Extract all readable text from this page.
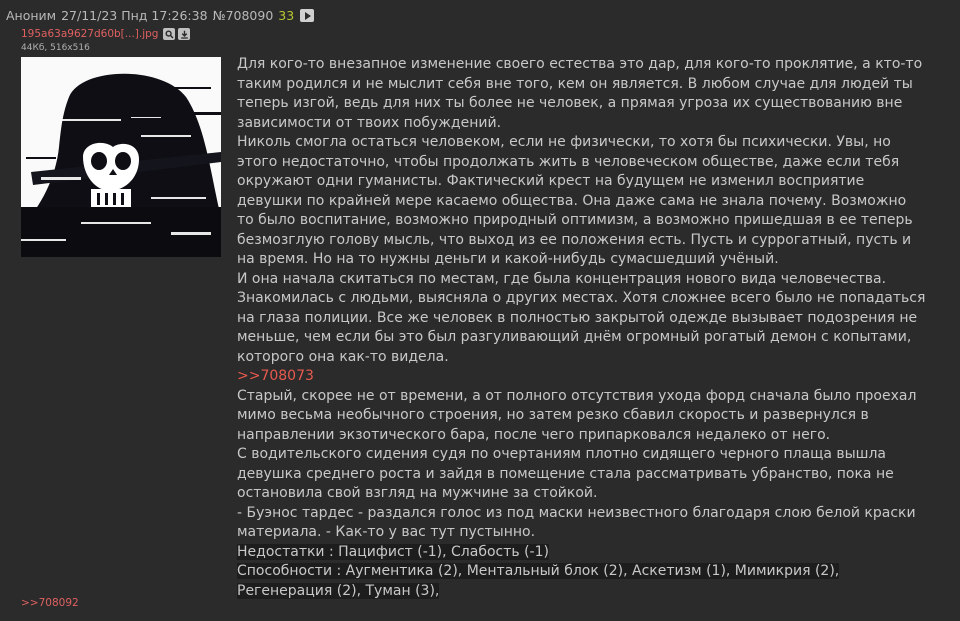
Аноним 27/11/23 Пнд 17:26:38 №708090 33
195a63a9627d60b[...].jpg
44Кб, 516x516

Для кого-то внезапное изменение своего естества это дар, для кого-то проклятие, а кто-то таким родился и не мыслит себя вне того, кем он является. В любом случае для людей ты теперь изгой, ведь для них ты более не человек, а прямая угроза их существованию вне зависимости от твоих побуждений.

Николь смогла остаться человеком, если не физически, то хотя бы психически. Увы, но этого недостаточно, чтобы продолжать жить в человеческом обществе, даже если тебя окружают одни гуманисты. Фактический крест на будущем не изменил восприятие девушки по крайней мере касаемо общества. Она даже сама не знала почему. Возможно то было воспитание, возможно природный оптимизм, а возможно пришедшая в ее теперь безмозглую голову мысль, что выход из ее положения есть. Пусть и суррогатный, пусть и на время. Но на то нужны деньги и какой-нибудь сумасшедший учёный.

И она начала скитаться по местам, где была концентрация нового вида человечества. Знакомилась с людьми, выясняла о других местах. Хотя сложнее всего было не попадаться на глаза полиции. Все же человек в полностью закрытой одежде вызывает подозрения не меньше, чем если бы это был разгуливающий днём огромный рогатый демон с копытами, которого она как-то видела.

>>708073

Старый, скорее не от времени, а от полного отсутствия ухода форд сначала было проехал мимо весьма необычного строения, но затем резко сбавил скорость и развернулся в направлении экзотического бара, после чего припарковался недалеко от него.

С водительского сидения судя по очертаниям плотно сидящего черного плаща вышла девушка среднего роста и зайдя в помещение стала рассматривать убранство, пока не остановила свой взгляд на мужчине за стойкой.

- Буэнос тардес - раздался голос из под маски неизвестного благодаря слою белой краски материала. - Как-то у вас тут пустынно.

Недостатки : Пацифист (-1), Слабость (-1)

Способности : Аугментика (2), Ментальный блок (2), Аскетизм (1), Мимикрия (2), Регенерация (2), Туман (3),

>>708092
